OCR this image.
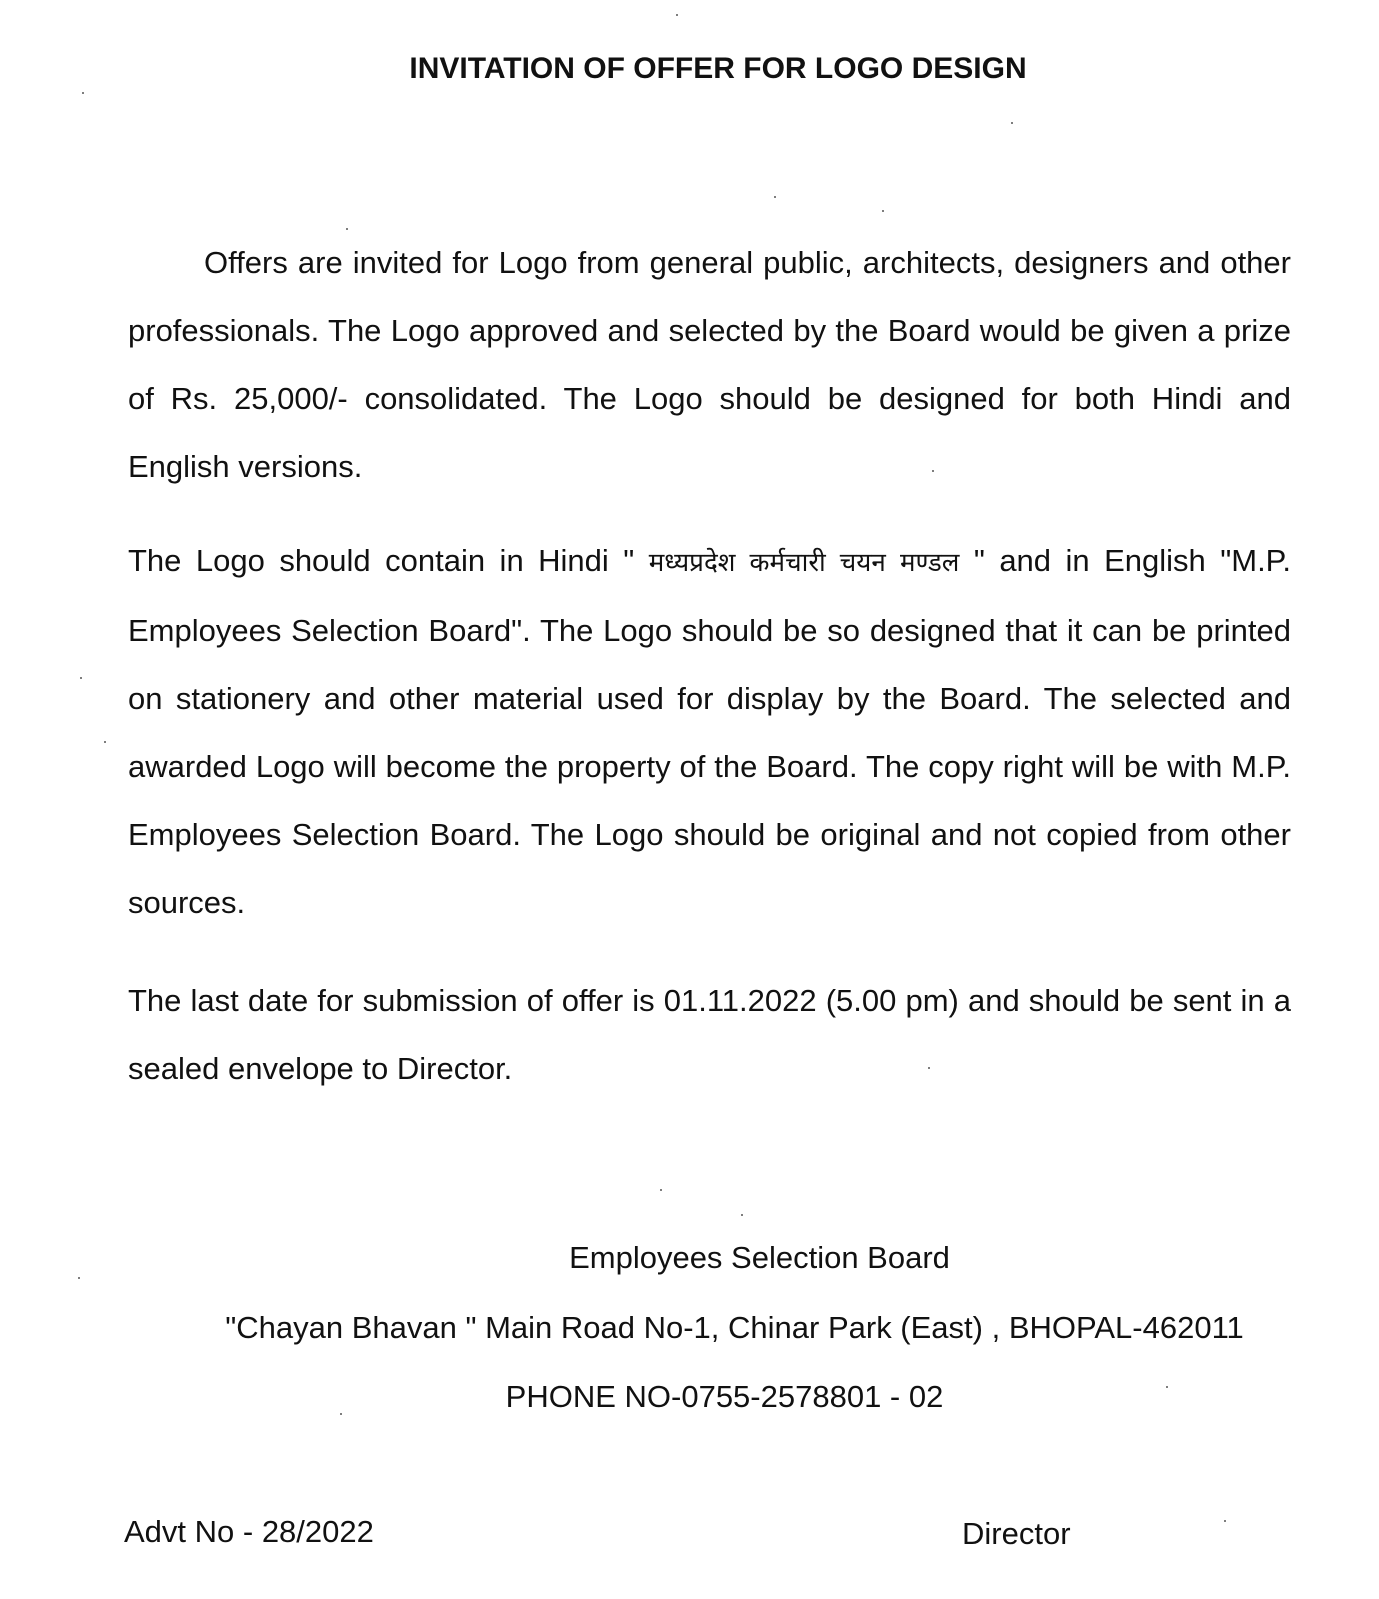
INVITATION OF OFFER FOR LOGO DESIGN

Offers are invited for Logo from general public, architects, designers and other professionals. The Logo approved and selected by the Board would be given a prize of Rs. 25,000/- consolidated. The Logo should be designed for both Hindi and English versions.

The Logo should contain in Hindi " मध्यप्रदेश कर्मचारी चयन मण्डल " and in English "M.P. Employees Selection Board". The Logo should be so designed that it can be printed on stationery and other material used for display by the Board. The selected and awarded Logo will become the property of the Board. The copy right will be with M.P. Employees Selection Board. The Logo should be original and not copied from other sources.

The last date for submission of offer is 01.11.2022 (5.00 pm) and should be sent in a sealed envelope to Director.

Employees Selection Board

"Chayan Bhavan " Main Road No-1, Chinar Park (East) , BHOPAL-462011

PHONE NO-0755-2578801 - 02

Advt No - 28/2022	Director
